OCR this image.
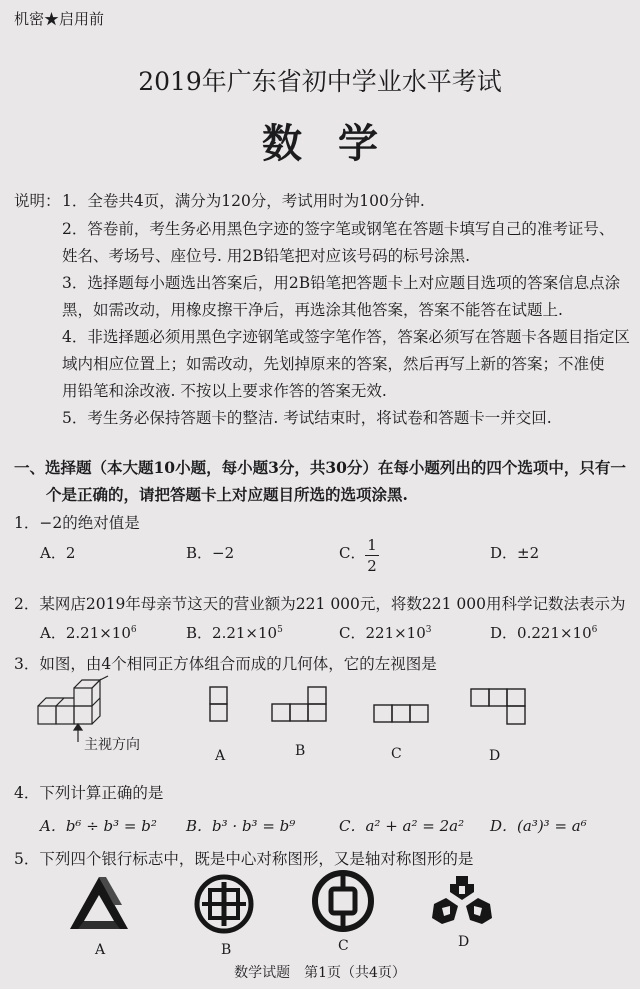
机密★启用前
2019年广东省初中学业水平考试
数学
说明： 1．全卷共4页，满分为120分，考试用时为100分钟.
2．答卷前，考生务必用黑色字迹的签字笔或钢笔在答题卡填写自己的准考证号、
姓名、考场号、座位号. 用2B铅笔把对应该号码的标号涂黑.
3．选择题每小题选出答案后，用2B铅笔把答题卡上对应题目选项的答案信息点涂
黑，如需改动，用橡皮擦干净后，再选涂其他答案，答案不能答在试题上.
4．非选择题必须用黑色字迹钢笔或签字笔作答，答案必须写在答题卡各题目指定区
域内相应位置上；如需改动，先划掉原来的答案，然后再写上新的答案；不准使
用铅笔和涂改液. 不按以上要求作答的答案无效.
5．考生务必保持答题卡的整洁. 考试结束时，将试卷和答题卡一并交回.
一、选择题（本大题10小题，每小题3分，共30分）在每小题列出的四个选项中，只有一
个是正确的，请把答题卡上对应题目所选的选项涂黑.
1．−2的绝对值是
A．2	B．−2	C． 1
2
D．±2
2．某网店2019年母亲节这天的营业额为221 000元，将数221 000用科学记数法表示为
A．$2.21\times 10^6$	B．$2.21\times 10^5$	C．$221\times 10^3$	D．$0.221\times 10^6$
3．如图，由4个相同正方体组合而成的几何体，它的左视图是
主视方向
A	B	C	D
4．下列计算正确的是
A．b⁶ ÷ b³ = b² B．b³ · b³ = b⁹	C．a² + a² = 2a² D．(a³)³ = a⁶
5．下列四个银行标志中，既是中心对称图形，又是轴对称图形的是
A	B	C	D
数学试题　第1页（共4页）
